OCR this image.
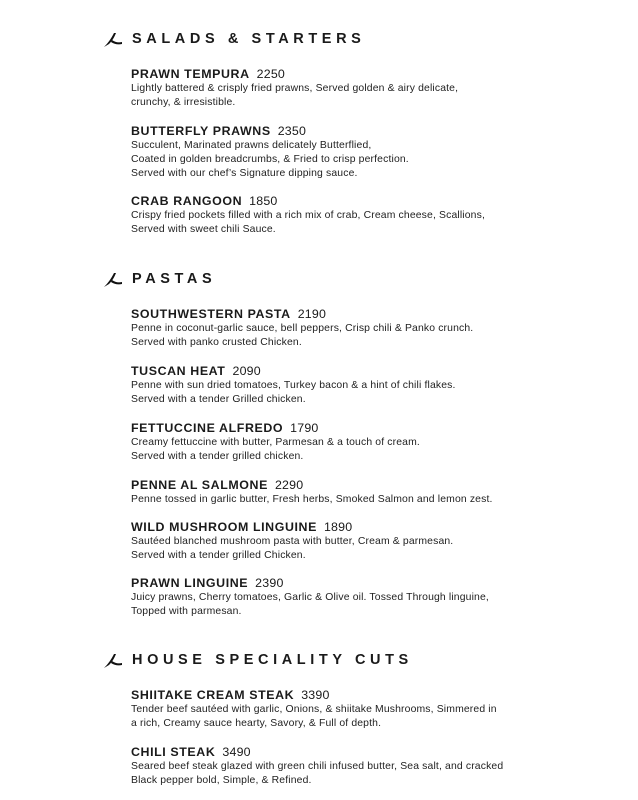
SALADS & STARTERS
PRAWN TEMPURA 2250
Lightly battered & crisply fried prawns, Served golden & airy delicate,
crunchy, & irresistible.
BUTTERFLY PRAWNS 2350
Succulent, Marinated prawns delicately Butterflied,
Coated in golden breadcrumbs, & Fried to crisp perfection.
Served with our chef’s Signature dipping sauce.
CRAB RANGOON 1850
Crispy fried pockets filled with a rich mix of crab, Cream cheese, Scallions,
Served with sweet chili Sauce.
PASTAS
SOUTHWESTERN PASTA 2190
Penne in coconut-garlic sauce, bell peppers, Crisp chili & Panko crunch.
Served with panko crusted Chicken.
TUSCAN HEAT 2090
Penne with sun dried tomatoes, Turkey bacon & a hint of chili flakes.
Served with a tender Grilled chicken.
FETTUCCINE ALFREDO 1790
Creamy fettuccine with butter, Parmesan & a touch of cream.
Served with a tender grilled chicken.
PENNE AL SALMONE 2290
Penne tossed in garlic butter, Fresh herbs, Smoked Salmon and lemon zest.
WILD MUSHROOM LINGUINE 1890
Sautéed blanched mushroom pasta with butter, Cream & parmesan.
Served with a tender grilled Chicken.
PRAWN LINGUINE 2390
Juicy prawns, Cherry tomatoes, Garlic & Olive oil. Tossed Through linguine,
Topped with parmesan.
HOUSE SPECIALITY CUTS
SHIITAKE CREAM STEAK 3390
Tender beef sautéed with garlic, Onions, & shiitake Mushrooms, Simmered in
a rich, Creamy sauce hearty, Savory, & Full of depth.
CHILI STEAK 3490
Seared beef steak glazed with green chili infused butter, Sea salt, and cracked
Black pepper bold, Simple, & Refined.
